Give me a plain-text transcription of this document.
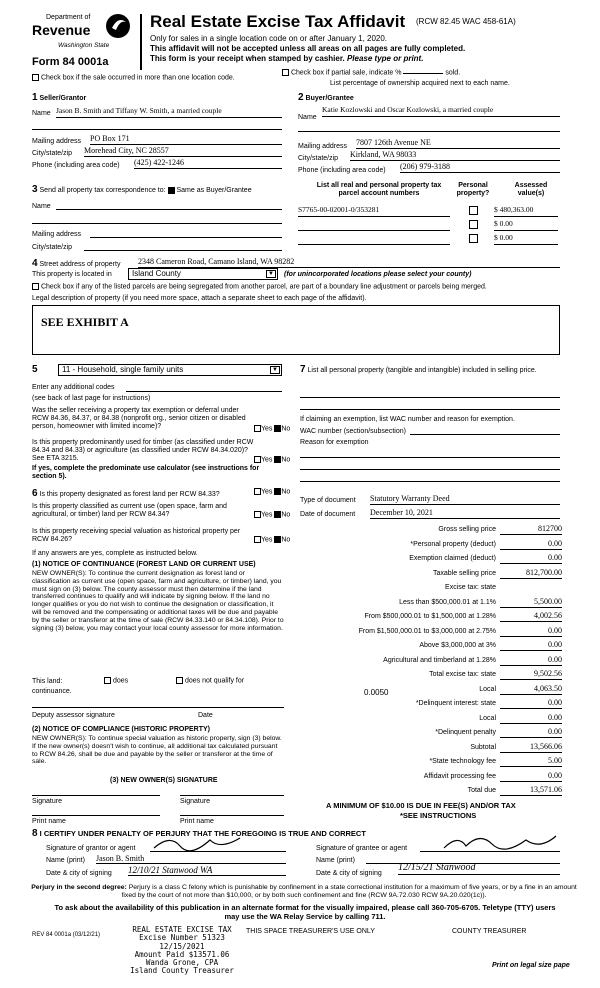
Department of
Revenue
Washington State
Form 84 0001a
Real Estate Excise Tax Affidavit (RCW 82.45 WAC 458-61A)
Only for sales in a single location code on or after January 1, 2020.
This affidavit will not be accepted unless all areas on all pages are fully completed.
This form is your receipt when stamped by cashier. Please type or print.
Check box if the sale occurred in more than one location code.
Check box if partial sale, indicate %	sold.
List percentage of ownership acquired next to each name.
1 Seller/Grantor
Name Jason B. Smith and Tiffany W. Smith, a married couple
Mailing address PO Box 171
City/state/zip Morehead City, NC 28557
Phone (including area code) (425) 422-1246
2 Buyer/Grantee
Name
Katie Kozlowski and Oscar Kozlowski, a married couple
Mailing address 7807 126th Avenue NE
City/state/zip Kirkland, WA 98033
Phone (including area code) (206) 979-3188
3 Send all property tax correspondence to: Same as Buyer/Grantee
Name
Mailing address
City/state/zip
List all real and personal property tax parcel account numbers
Personal property?
Assessed value(s)
S7765-00-02001-0/353281	$ 480,363.00
$ 0.00
$ 0.00
4 Street address of property 2348 Cameron Road, Camano Island, WA 98282
This property is located in	Island County	▼ (for unincorporated locations please select your county)
Check box if any of the listed parcels are being segregated from another parcel, are part of a boundary line adjustment or parcels being merged.
Legal description of property (if you need more space, attach a separate sheet to each page of the affidavit).
SEE EXHIBIT A
5	11 - Household, single family units	▼
Enter any additional codes
(see back of last page for instructions)
Was the seller receiving a property tax exemption or deferral under RCW 84.36, 84.37, or 84.38 (nonprofit org., senior citizen or disabled person, homeowner with limited income)?	Yes No
Is this property predominantly used for timber (as classified under RCW 84.34 and 84.33) or agriculture (as classified under RCW 84.34.020)? See ETA 3215.	Yes No
If yes, complete the predominate use calculator (see instructions for section 5).
7 List all personal property (tangible and intangible) included in selling price.
If claiming an exemption, list WAC number and reason for exemption.
WAC number (section/subsection)
Reason for exemption
6 Is this property designated as forest land per RCW 84.33?	Yes No
Is this property classified as current use (open space, farm and agricultural, or timber) land per RCW 84.34?	Yes No
Is this property receiving special valuation as historical property per RCW 84.26?	Yes No
If any answers are yes, complete as instructed below.
(1) NOTICE OF CONTINUANCE (FOREST LAND OR CURRENT USE)
NEW OWNER(S): To continue the current designation as forest land or classification as current use (open space, farm and agriculture, or timber) land, you must sign on (3) below. The county assessor must then determine if the land transferred continues to qualify and will indicate by signing below. If the land no longer qualifies or you do not wish to continue the designation or classification, it will be removed and the compensating or additional taxes will be due and payable by the seller or transferor at the time of sale (RCW 84.33.140 or 84.34.108). Prior to signing (3) below, you may contact your local county assessor for more information.
This land:	does	does not qualify for
continuance.
Deputy assessor signature	Date
(2) NOTICE OF COMPLIANCE (HISTORIC PROPERTY)
NEW OWNER(S): To continue special valuation as historic property, sign (3) below. If the new owner(s) doesn't wish to continue, all additional tax calculated pursuant to RCW 84.26, shall be due and payable by the seller or transferor at the time of sale.
(3) NEW OWNER(S) SIGNATURE
Signature	Signature
Print name	Print name
Type of document Statutory Warranty Deed
Date of document December 10, 2021
Gross selling price	812700
*Personal property (deduct)	0.00
Exemption claimed (deduct)	0.00
Taxable selling price	812,700.00
Excise tax: state
Less than $500,000.01 at 1.1%	5,500.00
From $500,000.01 to $1,500,000 at 1.28%	4,002.56
From $1,500,000.01 to $3,000,000 at 2.75%	0.00
Above $3,000,000 at 3%	0.00
Agricultural and timberland at 1.28%	0.00
Total excise tax: state	9,502.56
Local	4,063.50
*Delinquent interest: state	0.00
Local	0.00
*Delinquent penalty	0.00
Subtotal	13,566.06
*State technology fee	5.00
Affidavit processing fee	0.00
Total due	13,571.06
0.0050
A MINIMUM OF $10.00 IS DUE IN FEE(S) AND/OR TAX
*SEE INSTRUCTIONS
8 I CERTIFY UNDER PENALTY OF PERJURY THAT THE FOREGOING IS TRUE AND CORRECT
Signature of grantor or agent
Name (print) Jason B. Smith
Date & city of signing 12/10/21 Stanwood WA
Signature of grantee or agent
Name (print)
Date & city of signing
12/15/21 Stanwood
Perjury in the second degree: Perjury is a class C felony which is punishable by confinement in a state correctional institution for a maximum of five years, or by a fine in an amount fixed by the court of not more than $10,000, or by both such confinement and fine (RCW 9A.72.030 RCW 9A.20.020(1c)).
To ask about the availability of this publication in an alternate format for the visually impaired, please call 360-705-6705. Teletype (TTY) users may use the WA Relay Service by calling 711.
REV 84 0001a (03/12/21)
REAL ESTATE EXCISE TAX
Excise Number 51323
12/15/2021
Amount Paid $13571.06
Wanda Grone, CPA
Island County Treasurer
THIS SPACE TREASURER'S USE ONLY	COUNTY TREASURER
Print on legal size pape
